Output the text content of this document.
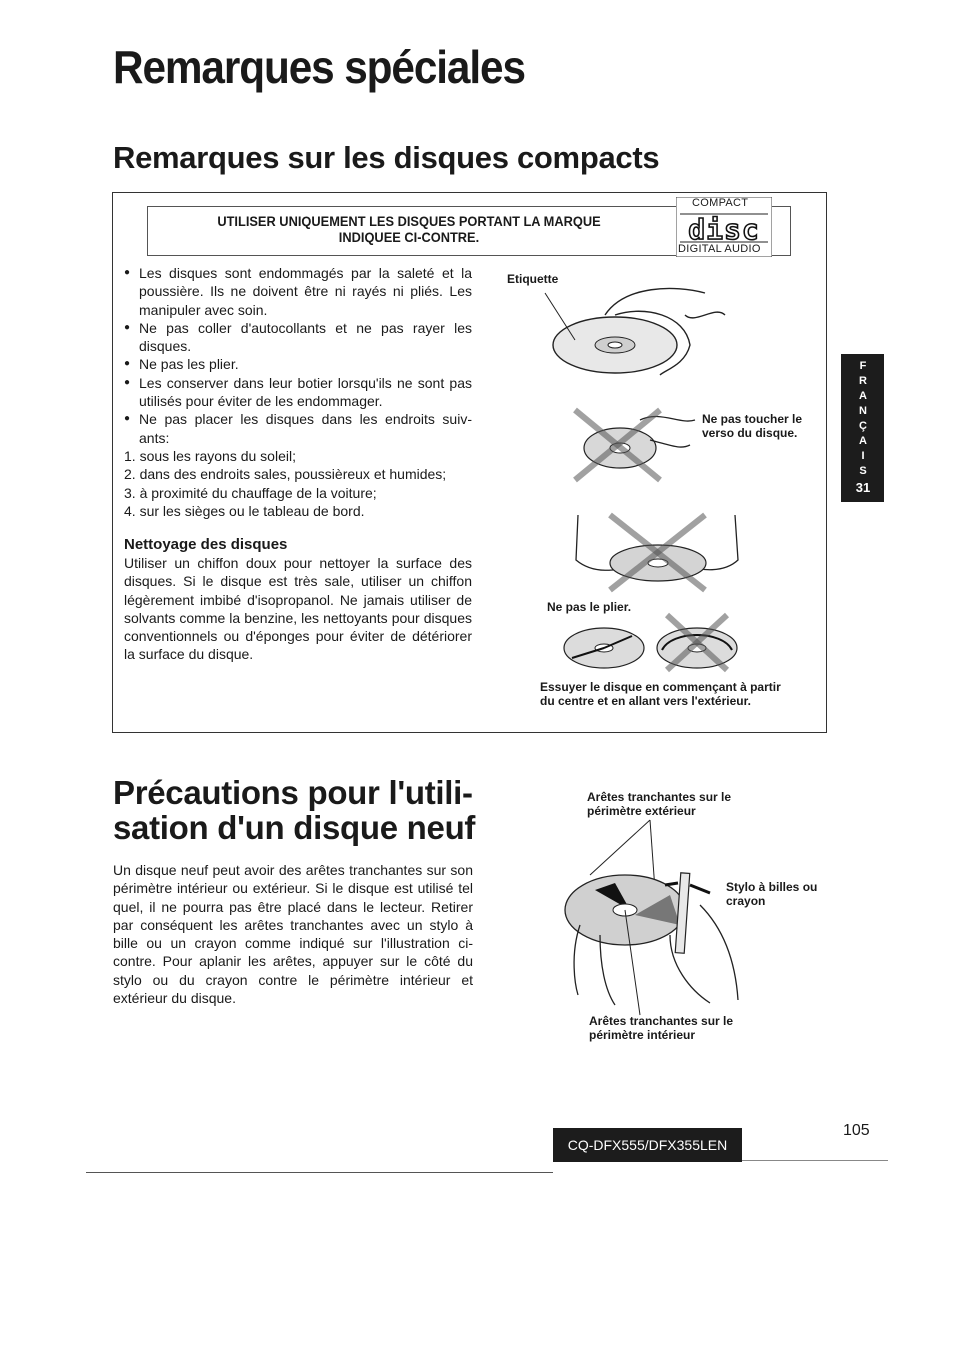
Remarques spéciales
Remarques sur les disques compacts
UTILISER UNIQUEMENT LES DISQUES PORTANT LA MARQUE
INDIQUEE CI-CONTRE.	disc
COMPACT
DIGITAL AUDIO
● Les disques sont endommagés par la saleté et la poussière. Ils ne doivent être ni rayés ni pliés. Les manipuler avec soin.
● Ne pas coller d'autocollants et ne pas rayer les disques.
● Ne pas les plier.
● Les conserver dans leur botier lorsqu'ils ne sont pas utilisés pour éviter de les endommager.
● Ne pas placer les disques dans les endroits suiv-ants:
1. sous les rayons du soleil;
2. dans des endroits sales, poussièreux et humides;
3. à proximité du chauffage de la voiture;
4. sur les sièges ou le tableau de bord.
Nettoyage des disques
Utiliser un chiffon doux pour nettoyer la surface des disques. Si le disque est très sale, utiliser un chiffon légèrement imbibé d'isopropanol. Ne jamais utiliser de solvants comme la benzine, les nettoyants pour disques conventionnels ou d'éponges pour éviter de détériorer la surface du disque.
Etiquette
Ne pas toucher le verso du disque.
Ne pas le plier.
Essuyer le disque en commençant à partir du centre et en allant vers l'extérieur.
F
R
A
N
Ç
A
I
S
31
Précautions pour l'utili-sation d'un disque neuf
Un disque neuf peut avoir des arêtes tranchantes sur son périmètre intérieur ou extérieur. Si le disque est utilisé tel quel, il ne pourra pas être placé dans le lecteur. Retirer par conséquent les arêtes tranchantes avec un stylo à bille ou un crayon comme indiqué sur l'illustration ci-contre. Pour aplanir les arêtes, appuyer sur le côté du stylo ou du crayon contre le périmètre intérieur et extérieur du disque.
Arêtes tranchantes sur le périmètre extérieur
Stylo à billes ou crayon
Arêtes tranchantes sur le périmètre intérieur
CQ-DFX555/DFX355LEN
105
